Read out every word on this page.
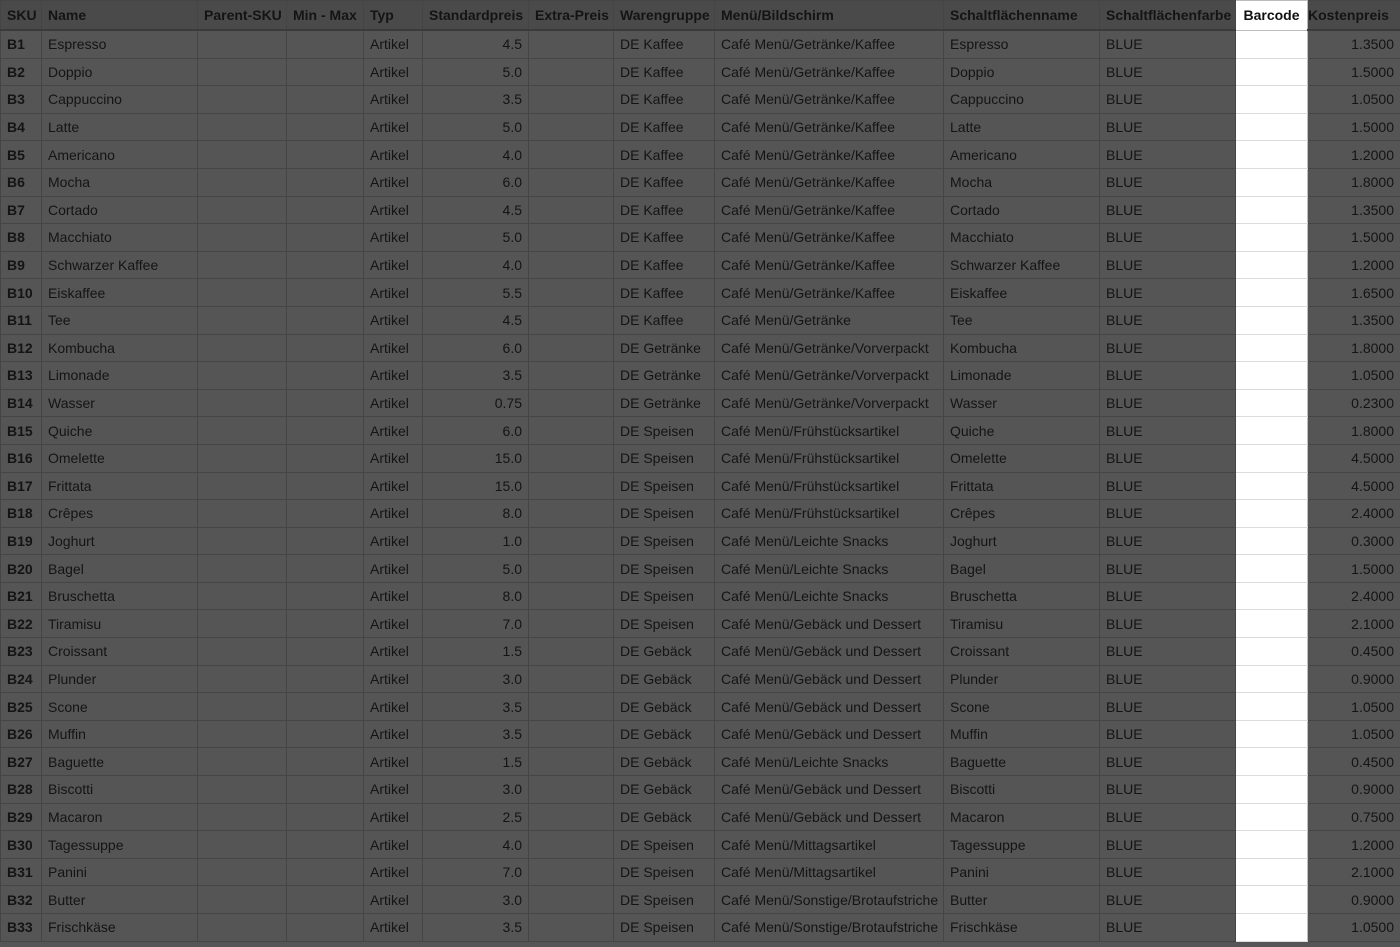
SKU	Name	Parent-SKU	Min - Max	Typ	Standardpreis	Extra-Preis	Warengruppe	Menü/Bildschirm	Schaltflächenname	Schaltflächenfarbe	Barcode	Kostenpreis
B1	Espresso			Artikel	4.5		DE Kaffee	Café Menü/Getränke/Kaffee	Espresso	BLUE		1.3500
B2	Doppio			Artikel	5.0		DE Kaffee	Café Menü/Getränke/Kaffee	Doppio	BLUE		1.5000
B3	Cappuccino			Artikel	3.5		DE Kaffee	Café Menü/Getränke/Kaffee	Cappuccino	BLUE		1.0500
B4	Latte			Artikel	5.0		DE Kaffee	Café Menü/Getränke/Kaffee	Latte	BLUE		1.5000
B5	Americano			Artikel	4.0		DE Kaffee	Café Menü/Getränke/Kaffee	Americano	BLUE		1.2000
B6	Mocha			Artikel	6.0		DE Kaffee	Café Menü/Getränke/Kaffee	Mocha	BLUE		1.8000
B7	Cortado			Artikel	4.5		DE Kaffee	Café Menü/Getränke/Kaffee	Cortado	BLUE		1.3500
B8	Macchiato			Artikel	5.0		DE Kaffee	Café Menü/Getränke/Kaffee	Macchiato	BLUE		1.5000
B9	Schwarzer Kaffee			Artikel	4.0		DE Kaffee	Café Menü/Getränke/Kaffee	Schwarzer Kaffee	BLUE		1.2000
B10	Eiskaffee			Artikel	5.5		DE Kaffee	Café Menü/Getränke/Kaffee	Eiskaffee	BLUE		1.6500
B11	Tee			Artikel	4.5		DE Kaffee	Café Menü/Getränke	Tee	BLUE		1.3500
B12	Kombucha			Artikel	6.0		DE Getränke	Café Menü/Getränke/Vorverpackt	Kombucha	BLUE		1.8000
B13	Limonade			Artikel	3.5		DE Getränke	Café Menü/Getränke/Vorverpackt	Limonade	BLUE		1.0500
B14	Wasser			Artikel	0.75		DE Getränke	Café Menü/Getränke/Vorverpackt	Wasser	BLUE		0.2300
B15	Quiche			Artikel	6.0		DE Speisen	Café Menü/Frühstücksartikel	Quiche	BLUE		1.8000
B16	Omelette			Artikel	15.0		DE Speisen	Café Menü/Frühstücksartikel	Omelette	BLUE		4.5000
B17	Frittata			Artikel	15.0		DE Speisen	Café Menü/Frühstücksartikel	Frittata	BLUE		4.5000
B18	Crêpes			Artikel	8.0		DE Speisen	Café Menü/Frühstücksartikel	Crêpes	BLUE		2.4000
B19	Joghurt			Artikel	1.0		DE Speisen	Café Menü/Leichte Snacks	Joghurt	BLUE		0.3000
B20	Bagel			Artikel	5.0		DE Speisen	Café Menü/Leichte Snacks	Bagel	BLUE		1.5000
B21	Bruschetta			Artikel	8.0		DE Speisen	Café Menü/Leichte Snacks	Bruschetta	BLUE		2.4000
B22	Tiramisu			Artikel	7.0		DE Speisen	Café Menü/Gebäck und Dessert	Tiramisu	BLUE		2.1000
B23	Croissant			Artikel	1.5		DE Gebäck	Café Menü/Gebäck und Dessert	Croissant	BLUE		0.4500
B24	Plunder			Artikel	3.0		DE Gebäck	Café Menü/Gebäck und Dessert	Plunder	BLUE		0.9000
B25	Scone			Artikel	3.5		DE Gebäck	Café Menü/Gebäck und Dessert	Scone	BLUE		1.0500
B26	Muffin			Artikel	3.5		DE Gebäck	Café Menü/Gebäck und Dessert	Muffin	BLUE		1.0500
B27	Baguette			Artikel	1.5		DE Gebäck	Café Menü/Leichte Snacks	Baguette	BLUE		0.4500
B28	Biscotti			Artikel	3.0		DE Gebäck	Café Menü/Gebäck und Dessert	Biscotti	BLUE		0.9000
B29	Macaron			Artikel	2.5		DE Gebäck	Café Menü/Gebäck und Dessert	Macaron	BLUE		0.7500
B30	Tagessuppe			Artikel	4.0		DE Speisen	Café Menü/Mittagsartikel	Tagessuppe	BLUE		1.2000
B31	Panini			Artikel	7.0		DE Speisen	Café Menü/Mittagsartikel	Panini	BLUE		2.1000
B32	Butter			Artikel	3.0		DE Speisen	Café Menü/Sonstige/Brotaufstriche	Butter	BLUE		0.9000
B33	Frischkäse			Artikel	3.5		DE Speisen	Café Menü/Sonstige/Brotaufstriche	Frischkäse	BLUE		1.0500
